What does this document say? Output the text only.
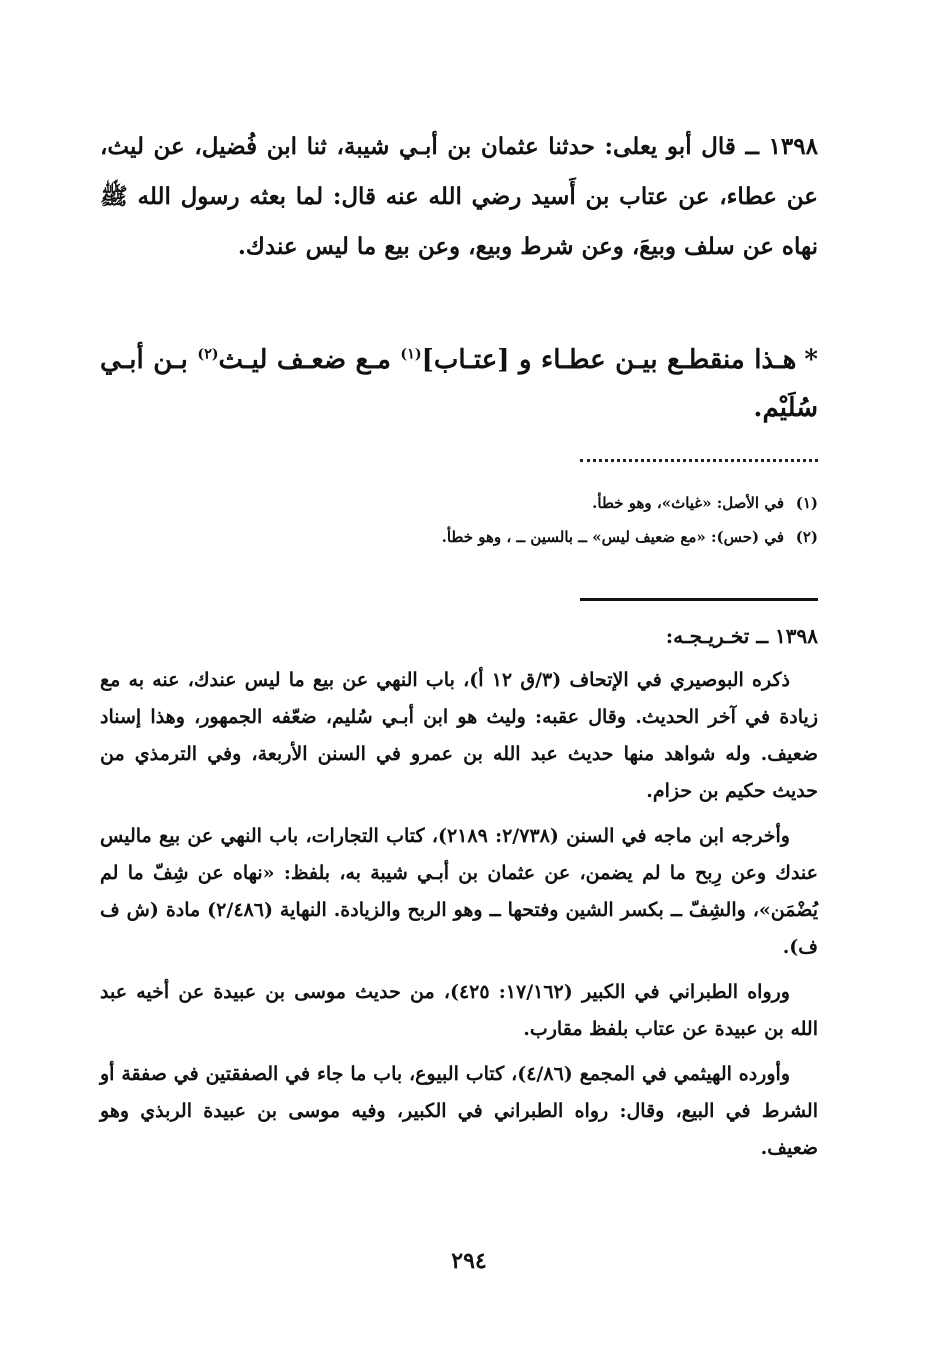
١٣٩٨ ــ قال أبو يعلى: حدثنا عثمان بن أبـي شيبة، ثنا ابن فُضيل، عن ليث، عن عطاء، عن عتاب بن أَسيد رضي الله عنه قال: لما بعثه رسول الله ﷺ نهاه عن سلف وبيعَ، وعن شرط وبيع، وعن بيع ما ليس عندك.

*هـذا منقطـع بيـن عطـاء و [عتـاب]$^{(١)}$ مـع ضعـف ليـث$^{(٢)}$ بـن أبـي سُلَيْم.

(١)في الأصل: «غياث»، وهو خطأ.
(٢)في (حس): «مع ضعيف ليس» ــ بالسين ــ ، وهو خطأ.
١٣٩٨ ــ تخـريـجـه:

ذكره البوصيري في الإتحاف (٣/ق ١٢ أ)، باب النهي عن بيع ما ليس عندك، عنه به مع زيادة في آخر الحديث. وقال عقبه: وليث هو ابن أبـي سُليم، ضعّفه الجمهور، وهذا إسناد ضعيف. وله شواهد منها حديث عبد الله بن عمرو في السنن الأربعة، وفي الترمذي من حديث حكيم بن حزام.

وأخرجه ابن ماجه في السنن (٢/٧٣٨: ٢١٨٩)، كتاب التجارات، باب النهي عن بيع ماليس عندك وعن رِبح ما لم يضمن، عن عثمان بن أبـي شيبة به، بلفظ: «نهاه عن شِفّ ما لم يُضْمَن»، والشِفّ ــ بكسر الشين وفتحها ــ وهو الربح والزيادة. النهاية (٢/٤٨٦) مادة (ش ف ف).

ورواه الطبراني في الكبير (١٧/١٦٢: ٤٢٥)، من حديث موسى بن عبيدة عن أخيه عبد الله بن عبيدة عن عتاب بلفظ مقارب.

وأورده الهيثمي في المجمع (٤/٨٦)، كتاب البيوع، باب ما جاء في الصفقتين في صفقة أو الشرط في البيع، وقال: رواه الطبراني في الكبير، وفيه موسى بن عبيدة الربذي وهو ضعيف.

٢٩٤
